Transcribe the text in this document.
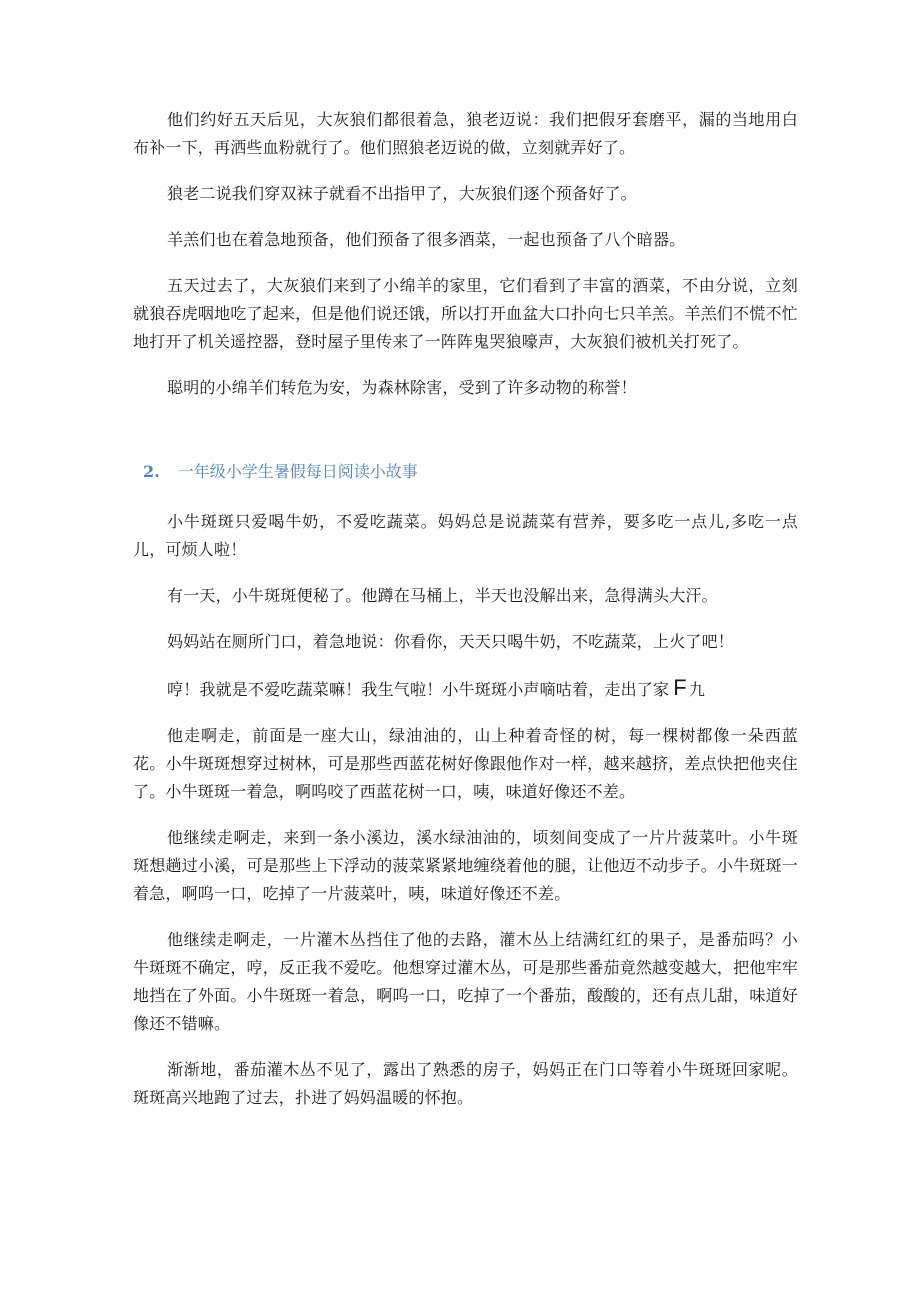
他们约好五天后见，大灰狼们都很着急，狼老迈说：我们把假牙套磨平，漏的当地用白布补一下，再洒些血粉就行了。他们照狼老迈说的做，立刻就弄好了。

狼老二说我们穿双袜子就看不出指甲了，大灰狼们逐个预备好了。

羊羔们也在着急地预备，他们预备了很多酒菜，一起也预备了八个暗器。

五天过去了，大灰狼们来到了小绵羊的家里，它们看到了丰富的酒菜，不由分说，立刻就狼吞虎咽地吃了起来，但是他们说还饿，所以打开血盆大口扑向七只羊羔。羊羔们不慌不忙地打开了机关遥控器，登时屋子里传来了一阵阵鬼哭狼嚎声，大灰狼们被机关打死了。

聪明的小绵羊们转危为安，为森林除害，受到了许多动物的称誉！

2. 一年级小学生暑假每日阅读小故事

小牛斑斑只爱喝牛奶，不爱吃蔬菜。妈妈总是说蔬菜有营养，要多吃一点儿,多吃一点儿，可烦人啦！

有一天，小牛斑斑便秘了。他蹲在马桶上，半天也没解出来，急得满头大汗。

妈妈站在厕所门口，着急地说：你看你，天天只喝牛奶，不吃蔬菜，上火了吧！

哼！我就是不爱吃蔬菜嘛！我生气啦！小牛斑斑小声嘀咕着，走出了家 F 九

他走啊走，前面是一座大山，绿油油的，山上种着奇怪的树，每一棵树都像一朵西蓝花。小牛斑斑想穿过树林，可是那些西蓝花树好像跟他作对一样，越来越挤，差点快把他夹住了。小牛斑斑一着急，啊呜咬了西蓝花树一口，咦，味道好像还不差。

他继续走啊走，来到一条小溪边，溪水绿油油的，顷刻间变成了一片片菠菜叶。小牛斑斑想趟过小溪，可是那些上下浮动的菠菜紧紧地缠绕着他的腿，让他迈不动步子。小牛斑斑一着急，啊呜一口，吃掉了一片菠菜叶，咦，味道好像还不差。

他继续走啊走，一片灌木丛挡住了他的去路，灌木丛上结满红红的果子，是番茄吗？小牛斑斑不确定，哼，反正我不爱吃。他想穿过灌木丛，可是那些番茄竟然越变越大，把他牢牢地挡在了外面。小牛斑斑一着急，啊呜一口，吃掉了一个番茄，酸酸的，还有点儿甜，味道好像还不错嘛。

渐渐地，番茄灌木丛不见了，露出了熟悉的房子，妈妈正在门口等着小牛斑斑回家呢。斑斑高兴地跑了过去，扑进了妈妈温暖的怀抱。
